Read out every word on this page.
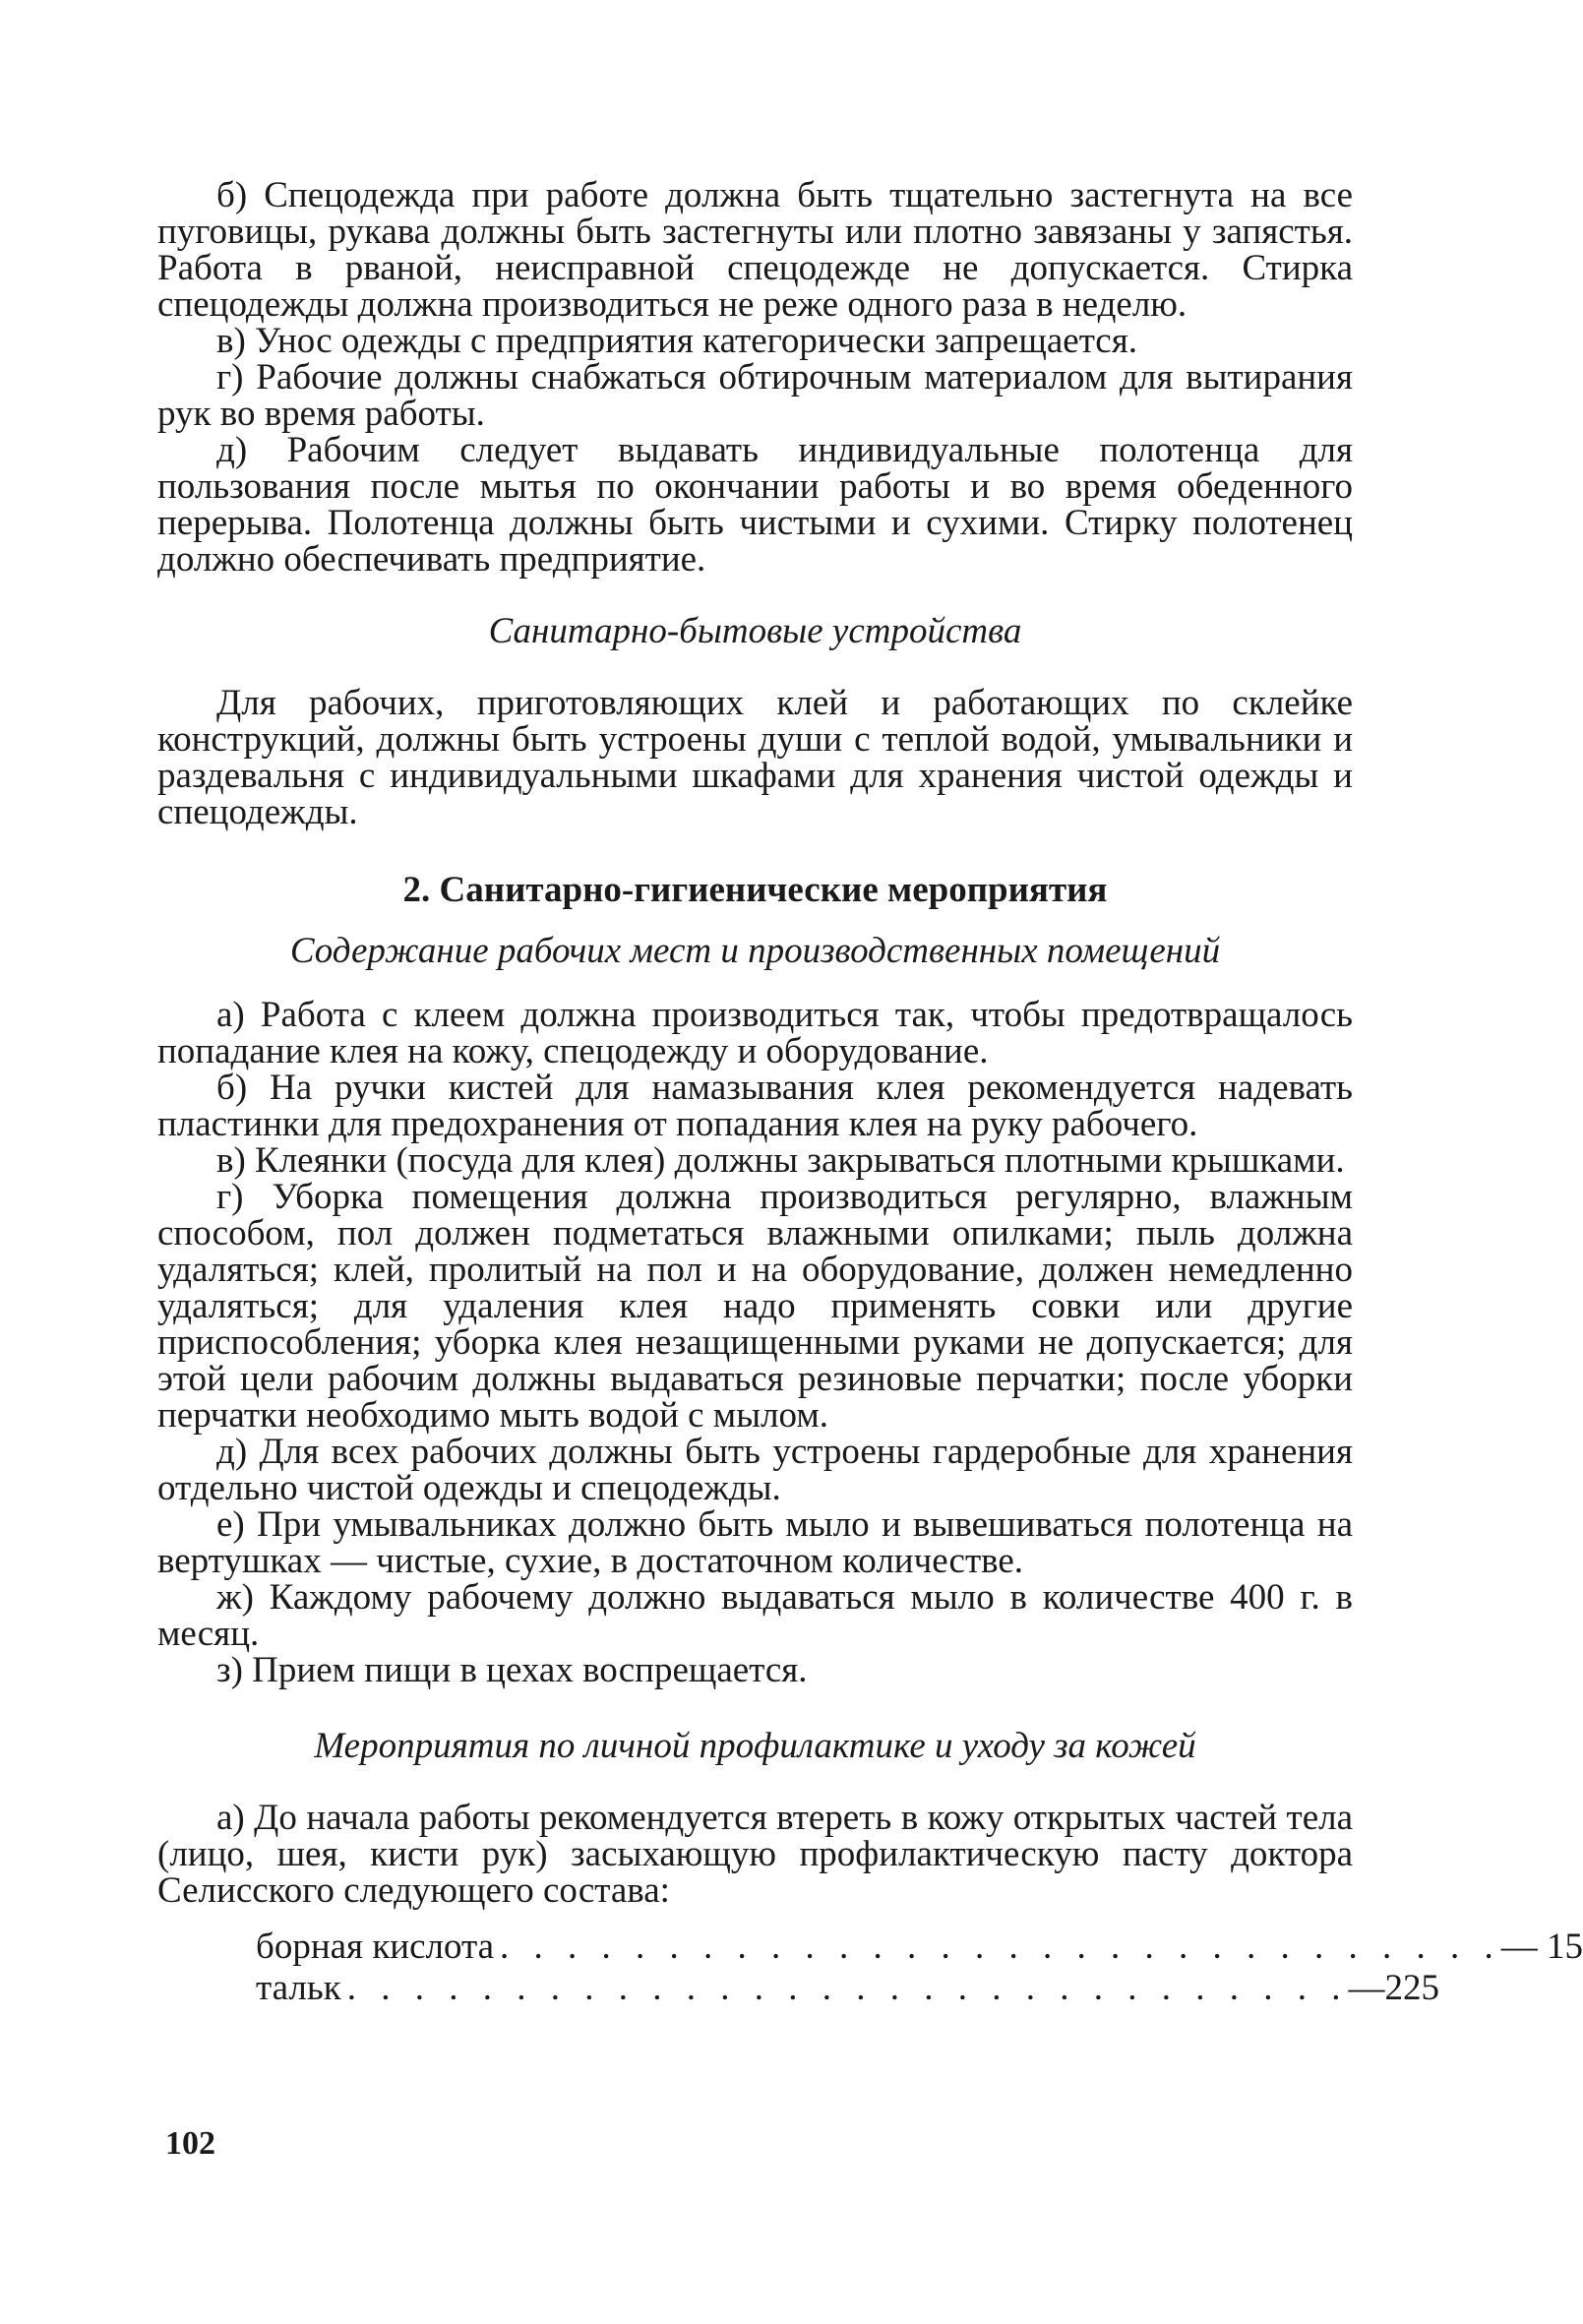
б) Спецодежда при работе должна быть тщательно застегнута на все пуговицы, рукава должны быть застегнуты или плотно завязаны у запястья. Работа в рваной, неисправной спецодежде не допускается. Стирка спецодежды должна производиться не реже одного раза в неделю.

в) Унос одежды с предприятия категорически запрещается.

г) Рабочие должны снабжаться обтирочным материалом для вытирания рук во время работы.

д) Рабочим следует выдавать индивидуальные полотенца для пользования после мытья по окончании работы и во время обеденного перерыва. Полотенца должны быть чистыми и сухими. Стирку полотенец должно обеспечивать предприятие.

Санитарно-бытовые устройства

Для рабочих, приготовляющих клей и работающих по склейке конструкций, должны быть устроены души с теплой водой, умывальники и раздевальня с индивидуальными шкафами для хранения чистой одежды и спецодежды.

2. Санитарно-гигиенические мероприятия

Содержание рабочих мест и производственных помещений

а) Работа с клеем должна производиться так, чтобы предотвращалось попадание клея на кожу, спецодежду и оборудование.

б) На ручки кистей для намазывания клея рекомендуется надевать пластинки для предохранения от попадания клея на руку рабочего.

в) Клеянки (посуда для клея) должны закрываться плотными крышками.

г) Уборка помещения должна производиться регулярно, влажным способом, пол должен подметаться влажными опилками; пыль должна удаляться; клей, пролитый на пол и на оборудование, должен немедленно удаляться; для удаления клея надо применять совки или другие приспособления; уборка клея незащищенными руками не допускается; для этой цели рабочим должны выдаваться резиновые перчатки; после уборки перчатки необходимо мыть водой с мылом.

д) Для всех рабочих должны быть устроены гардеробные для хранения отдельно чистой одежды и спецодежды.

е) При умывальниках должно быть мыло и вывешиваться полотенца на вертушках — чистые, сухие, в достаточном количестве.

ж) Каждому рабочему должно выдаваться мыло в количестве 400 г. в месяц.

з) Прием пищи в цехах воспрещается.

Мероприятия по личной профилактике и уходу за кожей

а) До начала работы рекомендуется втереть в кожу открытых частей тела (лицо, шея, кисти рук) засыхающую профилактическую пасту доктора Селисского следующего состава:

борная кислота . . . . . . . . . . . . . . . . . . . . . . . . . . . . . . — 15
тальк . . . . . . . . . . . . . . . . . . . . . . . . . . . . . . —225
102
